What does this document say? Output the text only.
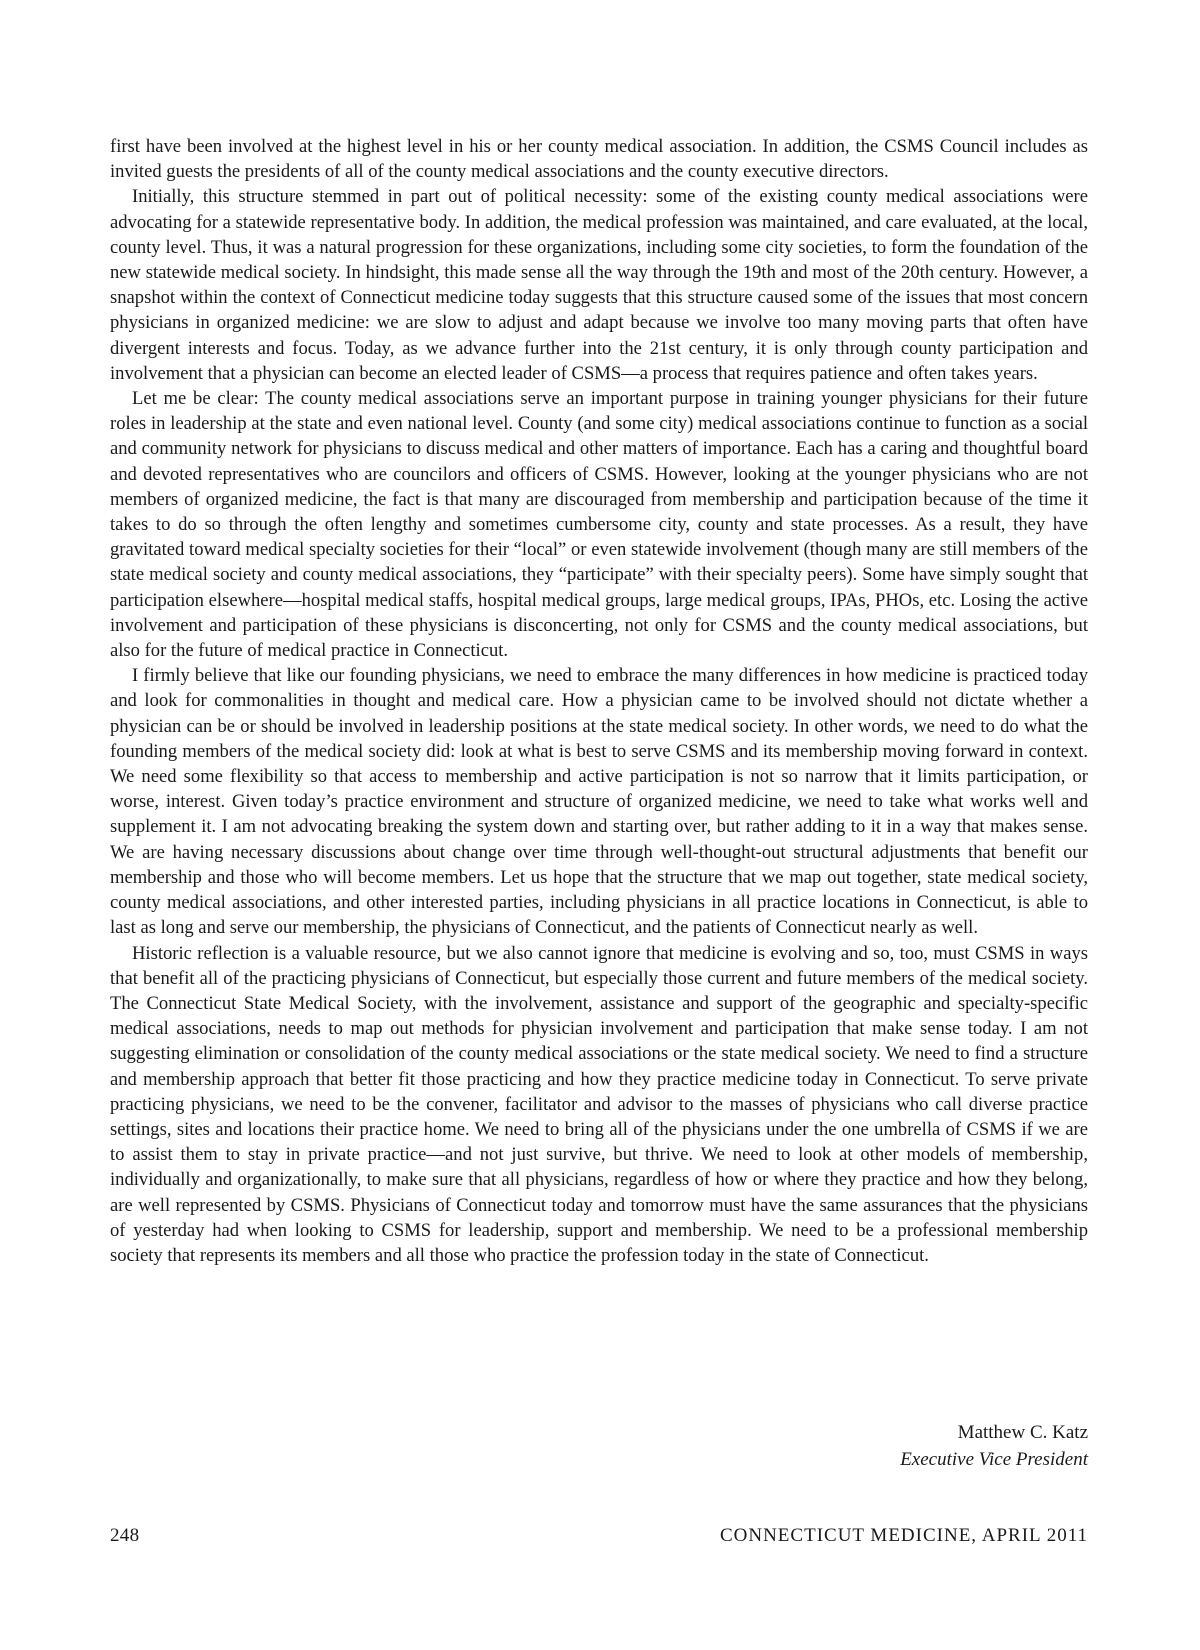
first have been involved at the highest level in his or her county medical association. In addition, the CSMS Council includes as invited guests the presidents of all of the county medical associations and the county executive directors.

Initially, this structure stemmed in part out of political necessity: some of the existing county medical associations were advocating for a statewide representative body. In addition, the medical profession was maintained, and care evaluated, at the local, county level. Thus, it was a natural progression for these organizations, including some city societies, to form the foundation of the new statewide medical society. In hindsight, this made sense all the way through the 19th and most of the 20th century. However, a snapshot within the context of Connecticut medicine today suggests that this structure caused some of the issues that most concern physicians in organized medicine: we are slow to adjust and adapt because we involve too many moving parts that often have divergent interests and focus. Today, as we advance further into the 21st century, it is only through county participation and involvement that a physician can become an elected leader of CSMS—a process that requires patience and often takes years.

Let me be clear: The county medical associations serve an important purpose in training younger physicians for their future roles in leadership at the state and even national level. County (and some city) medical associations continue to function as a social and community network for physicians to discuss medical and other matters of importance. Each has a caring and thoughtful board and devoted representatives who are councilors and officers of CSMS. However, looking at the younger physicians who are not members of organized medicine, the fact is that many are discouraged from membership and participation because of the time it takes to do so through the often lengthy and sometimes cumbersome city, county and state processes. As a result, they have gravitated toward medical specialty societies for their “local” or even statewide involvement (though many are still members of the state medical society and county medical associations, they “participate” with their specialty peers). Some have simply sought that participation elsewhere—hospital medical staffs, hospital medical groups, large medical groups, IPAs, PHOs, etc. Losing the active involvement and participation of these physicians is disconcerting, not only for CSMS and the county medical associations, but also for the future of medical practice in Connecticut.

I firmly believe that like our founding physicians, we need to embrace the many differences in how medicine is practiced today and look for commonalities in thought and medical care. How a physician came to be involved should not dictate whether a physician can be or should be involved in leadership positions at the state medical society. In other words, we need to do what the founding members of the medical society did: look at what is best to serve CSMS and its membership moving forward in context. We need some flexibility so that access to membership and active participation is not so narrow that it limits participation, or worse, interest. Given today’s practice environment and structure of organized medicine, we need to take what works well and supplement it. I am not advocating breaking the system down and starting over, but rather adding to it in a way that makes sense. We are having necessary discussions about change over time through well-thought-out structural adjustments that benefit our membership and those who will become members. Let us hope that the structure that we map out together, state medical society, county medical associations, and other interested parties, including physicians in all practice locations in Connecticut, is able to last as long and serve our membership, the physicians of Connecticut, and the patients of Connecticut nearly as well.

Historic reflection is a valuable resource, but we also cannot ignore that medicine is evolving and so, too, must CSMS in ways that benefit all of the practicing physicians of Connecticut, but especially those current and future members of the medical society. The Connecticut State Medical Society, with the involvement, assistance and support of the geographic and specialty-specific medical associations, needs to map out methods for physician involvement and participation that make sense today. I am not suggesting elimination or consolidation of the county medical associations or the state medical society. We need to find a structure and membership approach that better fit those practicing and how they practice medicine today in Connecticut. To serve private practicing physicians, we need to be the convener, facilitator and advisor to the masses of physicians who call diverse practice settings, sites and locations their practice home. We need to bring all of the physicians under the one umbrella of CSMS if we are to assist them to stay in private practice—and not just survive, but thrive. We need to look at other models of membership, individually and organizationally, to make sure that all physicians, regardless of how or where they practice and how they belong, are well represented by CSMS. Physicians of Connecticut today and tomorrow must have the same assurances that the physicians of yesterday had when looking to CSMS for leadership, support and membership. We need to be a professional membership society that represents its members and all those who practice the profession today in the state of Connecticut.

Matthew C. Katz
Executive Vice President
248	CONNECTICUT MEDICINE, APRIL 2011
